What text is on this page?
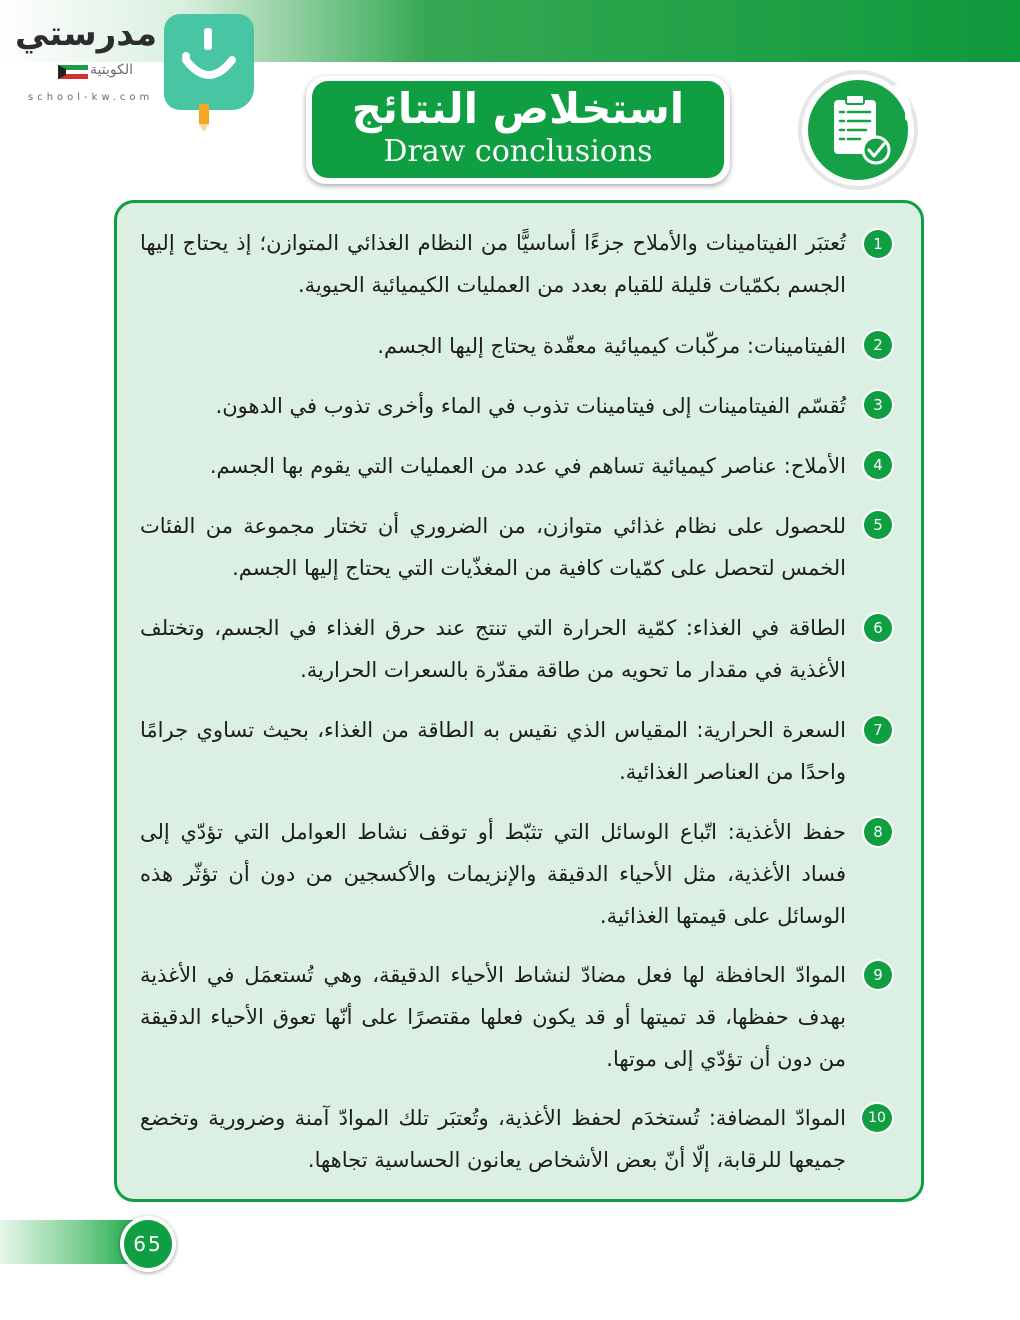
مدرستي
الكويتية
school-kw.com	استخلاص النتائج
Draw conclusions
1
تُعتبَر الفيتامينات والأملاح جزءًا أساسيًّا من النظام الغذائي المتوازن؛ إذ يحتاج إليها الجسم بكمّيات قليلة للقيام بعدد من العمليات الكيميائية الحيوية.
2
الفيتامينات: مركّبات كيميائية معقّدة يحتاج إليها الجسم.
3
تُقسّم الفيتامينات إلى فيتامينات تذوب في الماء وأخرى تذوب في الدهون.
4
الأملاح: عناصر كيميائية تساهم في عدد من العمليات التي يقوم بها الجسم.
5
للحصول على نظام غذائي متوازن، من الضروري أن تختار مجموعة من الفئات الخمس لتحصل على كمّيات كافية من المغذّيات التي يحتاج إليها الجسم.
6
الطاقة في الغذاء: كمّية الحرارة التي تنتج عند حرق الغذاء في الجسم، وتختلف الأغذية في مقدار ما تحويه من طاقة مقدّرة بالسعرات الحرارية.
7
السعرة الحرارية: المقياس الذي نقيس به الطاقة من الغذاء، بحيث تساوي جرامًا واحدًا من العناصر الغذائية.
8
حفظ الأغذية: اتّباع الوسائل التي تثبّط أو توقف نشاط العوامل التي تؤدّي إلى فساد الأغذية، مثل الأحياء الدقيقة والإنزيمات والأكسجين من دون أن تؤثّر هذه الوسائل على قيمتها الغذائية.
9
الموادّ الحافظة لها فعل مضادّ لنشاط الأحياء الدقيقة، وهي تُستعمَل في الأغذية بهدف حفظها، قد تميتها أو قد يكون فعلها مقتصرًا على أنّها تعوق الأحياء الدقيقة من دون أن تؤدّي إلى موتها.
10
الموادّ المضافة: تُستخدَم لحفظ الأغذية، وتُعتبَر تلك الموادّ آمنة وضرورية وتخضع جميعها للرقابة، إلّا أنّ بعض الأشخاص يعانون الحساسية تجاهها.
65
